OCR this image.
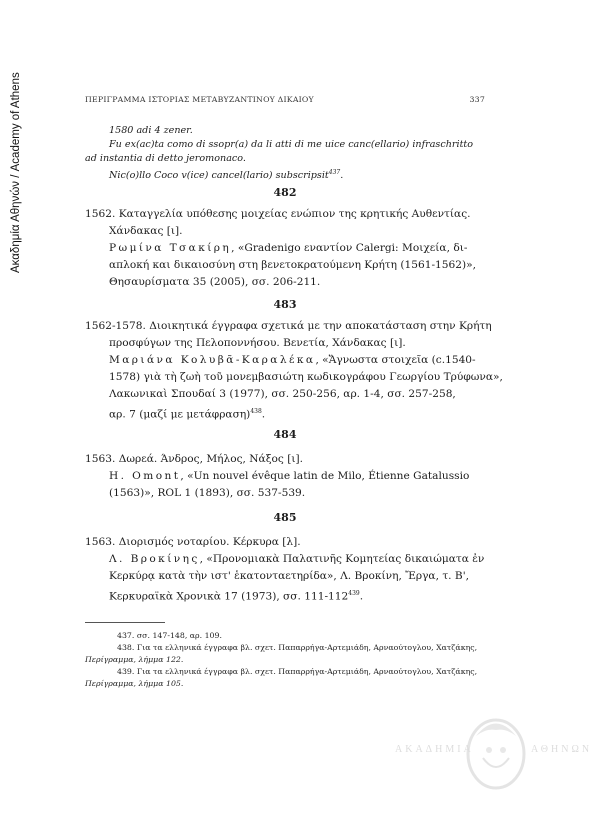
Ακαδημία Αθηνών / Academy of Athens	ΠΕΡΙΓΡΑΜΜΑ ΙΣΤΟΡΙΑΣ ΜΕΤΑΒΥΖΑΝΤΙΝΟΥ ΔΙΚΑΙΟΥ	337
1580 adi 4 zener.
Fu ex(ac)ta como di ssopr(a) da li atti di me uice canc(ellario) infraschritto
ad instantia di detto jeromonaco.
Nic(o)llo Coco v(ice) cancel(lario) subscripsit$^{437}$.
482
1562. Καταγγελία υπόθεσης μοιχείας ενώπιον της κρητικής Αυθεντίας.
Χάνδακας [ι].
Ρωμίνα Τσακίρη, «Gradenigo εναντίον Calergi: Μοιχεία, δι-
απλοκή και δικαιοσύνη στη βενετοκρατούμενη Κρήτη (1561-1562)»,
Θησαυρίσματα 35 (2005), σσ. 206-211.
483
1562-1578. Διοικητικά έγγραφα σχετικά με την αποκατάσταση στην Κρήτη
προσφύγων της Πελοποννήσου. Βενετία, Χάνδακας [ι].
Μαριάνα Κολυβᾶ-Καραλέκα, «Ἄγνωστα στοιχεῖα (c.1540-
1578) γιὰ τὴ ζωὴ τοῦ μονεμβασιώτη κωδικογράφου Γεωργίου Τρύφωνα»,
Λακωνικαὶ Σπουδαί 3 (1977), σσ. 250-256, αρ. 1-4, σσ. 257-258,
αρ. 7 (μαζί με μετάφραση)$^{438}$.
484
1563. Δωρεά. Άνδρος, Μήλος, Νάξος [ι].
H. Omont, «Un nouvel évêque latin de Milo, Étienne Gatalussio
(1563)», ROL 1 (1893), σσ. 537-539.
485
1563. Διορισμός νοταρίου. Κέρκυρα [λ].
Λ. Βροκίνης, «Προνομιακὰ Παλατινῆς Κομητείας δικαιώματα ἐν
Κερκύρᾳ κατὰ τὴν ιστ' ἑκατονταετηρίδα», Λ. Βροκίνη, Ἔργα, τ. Β',
Κερκυραϊκὰ Χρονικὰ 17 (1973), σσ. $111-112^{439}$.
437. σσ. 147-148, αρ. 109.
438. Για τα ελληνικά έγγραφα βλ. σχετ. Παπαρρήγα-Αρτεμιάδη, Αρναούτογλου, Χατζάκης,
Περίγραμμα, λήμμα 122.
439. Για τα ελληνικά έγγραφα βλ. σχετ. Παπαρρήγα-Αρτεμιάδη, Αρναούτογλου, Χατζάκης,
Περίγραμμα, λήμμα 105.
ΑΚΑΔΗΜΙΑ	ΑΘΗΝΩΝ
